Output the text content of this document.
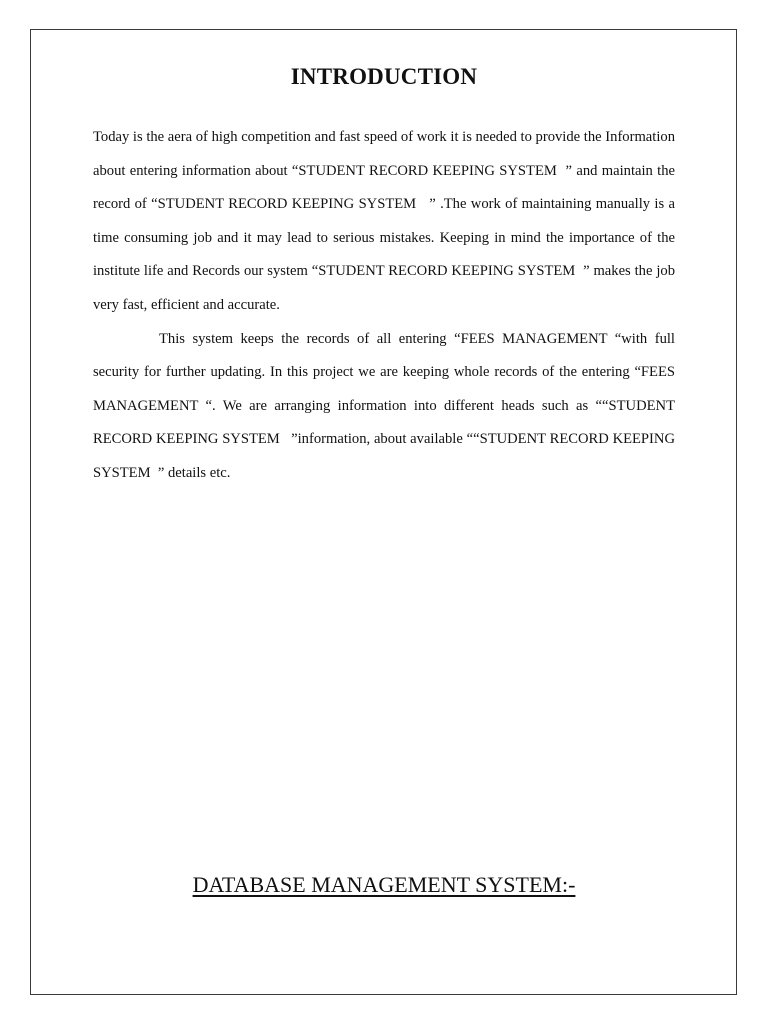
INTRODUCTION

Today is the aera of high competition and fast speed of work it is needed to provide the Information about entering information about “STUDENT RECORD KEEPING SYSTEM  ” and maintain the record of “STUDENT RECORD KEEPING SYSTEM   ” .The work of maintaining manually is a time consuming job and it may lead to serious mistakes. Keeping in mind the importance of the institute life and Records our system “STUDENT RECORD KEEPING SYSTEM  ” makes the job very fast, efficient and accurate.

This system keeps the records of all entering “FEES MANAGEMENT “with full security for further updating. In this project we are keeping whole records of the entering “FEES MANAGEMENT “. We are arranging information into different heads such as ““STUDENT RECORD KEEPING SYSTEM   ”information, about available ““STUDENT RECORD KEEPING SYSTEM  ” details etc.

DATABASE MANAGEMENT SYSTEM:-
